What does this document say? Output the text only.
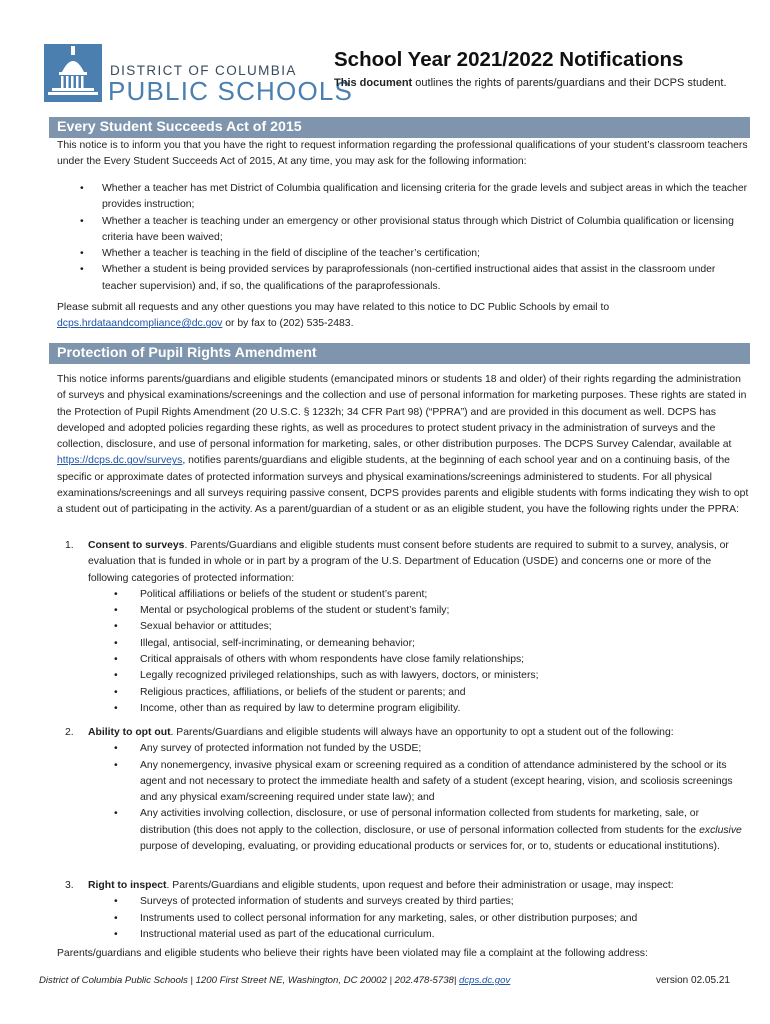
DISTRICT OF COLUMBIA
PUBLIC SCHOOLS
School Year 2021/2022 Notifications
This document outlines the rights of parents/guardians and their DCPS student.
Every Student Succeeds Act of 2015
This notice is to inform you that you have the right to request information regarding the professional qualifications of your student’s classroom teachers under the Every Student Succeeds Act of 2015, At any time, you may ask for the following information:
• Whether a teacher has met District of Columbia qualification and licensing criteria for the grade levels and subject areas in which the teacher provides instruction;
• Whether a teacher is teaching under an emergency or other provisional status through which District of Columbia qualification or licensing criteria have been waived;
• Whether a teacher is teaching in the field of discipline of the teacher’s certification;
• Whether a student is being provided services by paraprofessionals (non-certified instructional aides that assist in the classroom under teacher supervision) and, if so, the qualifications of the paraprofessionals.
Please submit all requests and any other questions you may have related to this notice to DC Public Schools by email to dcps.hrdataandcompliance@dc.gov or by fax to (202) 535-2483.
Protection of Pupil Rights Amendment
This notice informs parents/guardians and eligible students (emancipated minors or students 18 and older) of their rights regarding the administration of surveys and physical examinations/screenings and the collection and use of personal information for marketing purposes. These rights are stated in the Protection of Pupil Rights Amendment (20 U.S.C. § 1232h; 34 CFR Part 98) (“PPRA”) and are provided in this document as well. DCPS has developed and adopted policies regarding these rights, as well as procedures to protect student privacy in the administration of surveys and the collection, disclosure, and use of personal information for marketing, sales, or other distribution purposes. The DCPS Survey Calendar, available at https://dcps.dc.gov/surveys, notifies parents/guardians and eligible students, at the beginning of each school year and on a continuing basis, of the specific or approximate dates of protected information surveys and physical examinations/screenings administered to students. For all physical examinations/screenings and all surveys requiring passive consent, DCPS provides parents and eligible students with forms indicating they wish to opt a student out of participating in the activity. As a parent/guardian of a student or as an eligible student, you have the following rights under the PPRA:
1. Consent to surveys. Parents/Guardians and eligible students must consent before students are required to submit to a survey, analysis, or evaluation that is funded in whole or in part by a program of the U.S. Department of Education (USDE) and concerns one or more of the following categories of protected information:
• Political affiliations or beliefs of the student or student’s parent;
• Mental or psychological problems of the student or student’s family;
• Sexual behavior or attitudes;
• Illegal, antisocial, self-incriminating, or demeaning behavior;
• Critical appraisals of others with whom respondents have close family relationships;
• Legally recognized privileged relationships, such as with lawyers, doctors, or ministers;
• Religious practices, affiliations, or beliefs of the student or parents; and
• Income, other than as required by law to determine program eligibility.
2. Ability to opt out. Parents/Guardians and eligible students will always have an opportunity to opt a student out of the following:
• Any survey of protected information not funded by the USDE;
• Any nonemergency, invasive physical exam or screening required as a condition of attendance administered by the school or its agent and not necessary to protect the immediate health and safety of a student (except hearing, vision, and scoliosis screenings and any physical exam/screening required under state law); and
• Any activities involving collection, disclosure, or use of personal information collected from students for marketing, sale, or distribution (this does not apply to the collection, disclosure, or use of personal information collected from students for the exclusive purpose of developing, evaluating, or providing educational products or services for, or to, students or educational institutions).
3. Right to inspect. Parents/Guardians and eligible students, upon request and before their administration or usage, may inspect:
• Surveys of protected information of students and surveys created by third parties;
• Instruments used to collect personal information for any marketing, sales, or other distribution purposes; and
• Instructional material used as part of the educational curriculum.
Parents/guardians and eligible students who believe their rights have been violated may file a complaint at the following address:
District of Columbia Public Schools | 1200 First Street NE, Washington, DC 20002 | 202.478-5738| dcps.dc.gov	version 02.05.21
